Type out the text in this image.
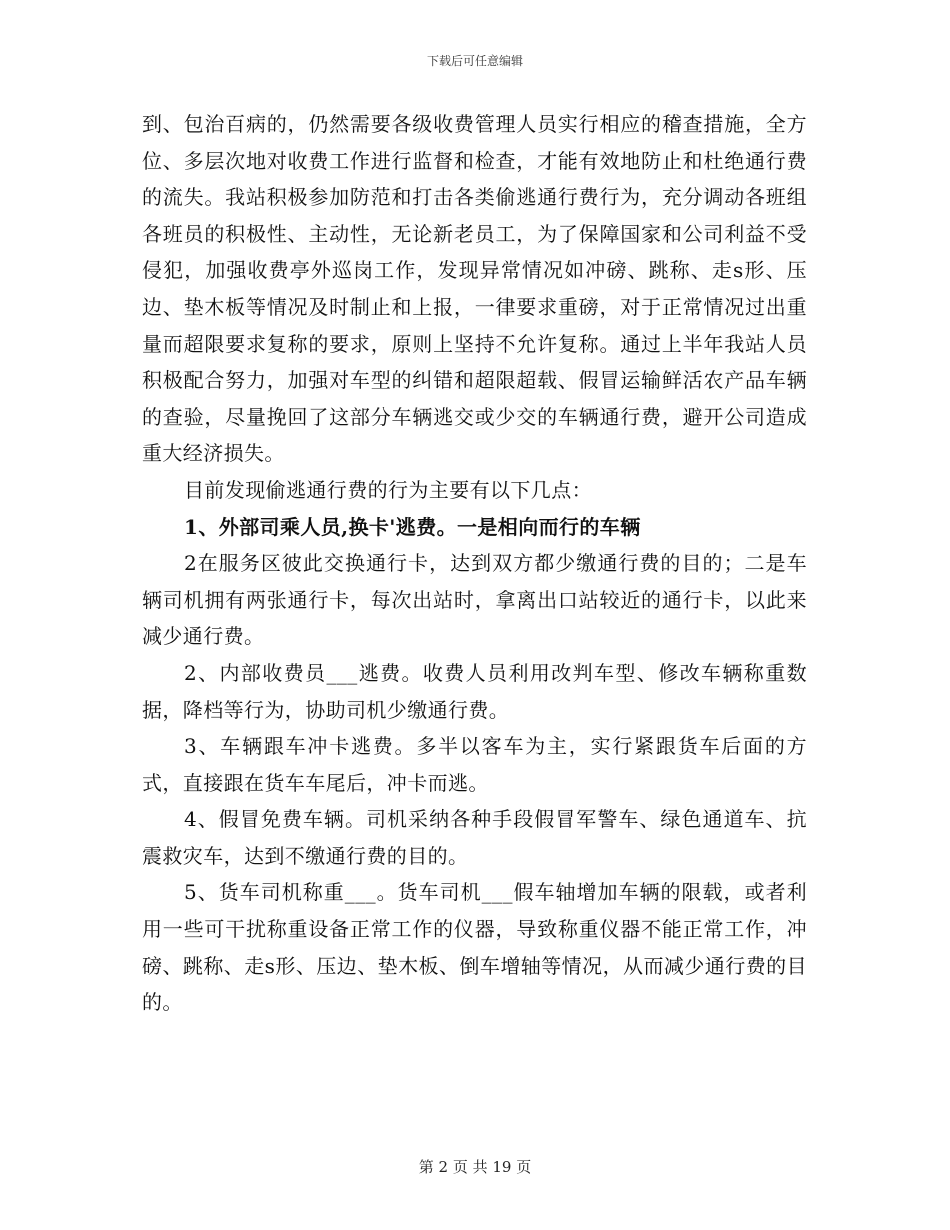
下载后可任意编辑

到、包治百病的，仍然需要各级收费管理人员实行相应的稽查措施，全方位、多层次地对收费工作进行监督和检查，才能有效地防止和杜绝通行费的流失。我站积极参加防范和打击各类偷逃通行费行为，充分调动各班组各班员的积极性、主动性，无论新老员工，为了保障国家和公司利益不受侵犯，加强收费亭外巡岗工作，发现异常情况如冲磅、跳称、走s形、压边、垫木板等情况及时制止和上报，一律要求重磅，对于正常情况过出重量而超限要求复称的要求，原则上坚持不允许复称。通过上半年我站人员积极配合努力，加强对车型的纠错和超限超载、假冒运输鲜活农产品车辆的查验，尽量挽回了这部分车辆逃交或少交的车辆通行费，避开公司造成重大经济损失。

目前发现偷逃通行费的行为主要有以下几点：

1、外部司乘人员,换卡'逃费。一是相向而行的车辆

2在服务区彼此交换通行卡，达到双方都少缴通行费的目的；二是车辆司机拥有两张通行卡，每次出站时，拿离出口站较近的通行卡，以此来减少通行费。

2、内部收费员___逃费。收费人员利用改判车型、修改车辆称重数据，降档等行为，协助司机少缴通行费。

3、车辆跟车冲卡逃费。多半以客车为主，实行紧跟货车后面的方式，直接跟在货车车尾后，冲卡而逃。

4、假冒免费车辆。司机采纳各种手段假冒军警车、绿色通道车、抗震救灾车，达到不缴通行费的目的。

5、货车司机称重___。货车司机___假车轴增加车辆的限载，或者利用一些可干扰称重设备正常工作的仪器，导致称重仪器不能正常工作，冲磅、跳称、走s形、压边、垫木板、倒车增轴等情况，从而减少通行费的目的。

第 2 页 共 19 页
